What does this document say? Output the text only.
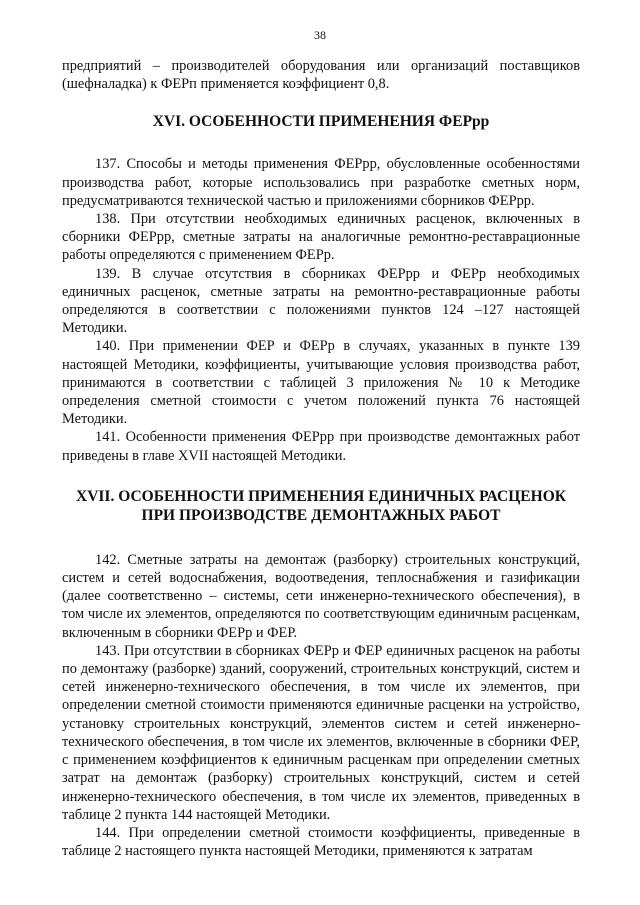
38

предприятий – производителей оборудования или организаций поставщиков (шефналадка) к ФЕРп применяется коэффициент 0,8.

XVI. ОСОБЕННОСТИ ПРИМЕНЕНИЯ ФЕРрр

137. Способы и методы применения ФЕРрр, обусловленные особенностями производства работ, которые использовались при разработке сметных норм, предусматриваются технической частью и приложениями сборников ФЕРрр.

138. При отсутствии необходимых единичных расценок, включенных в сборники ФЕРрр, сметные затраты на аналогичные ремонтно-реставрационные работы определяются с применением ФЕРр.

139. В случае отсутствия в сборниках ФЕРрр и ФЕРр необходимых единичных расценок, сметные затраты на ремонтно-реставрационные работы определяются в соответствии с положениями пунктов 124 –127 настоящей Методики.

140. При применении ФЕР и ФЕРр в случаях, указанных в пункте 139 настоящей Методики, коэффициенты, учитывающие условия производства работ, принимаются в соответствии с таблицей 3 приложения № 10 к Методике определения сметной стоимости с учетом положений пункта 76 настоящей Методики.

141. Особенности применения ФЕРрр при производстве демонтажных работ приведены в главе XVII настоящей Методики.

XVII. ОСОБЕННОСТИ ПРИМЕНЕНИЯ ЕДИНИЧНЫХ РАСЦЕНОК
ПРИ ПРОИЗВОДСТВЕ ДЕМОНТАЖНЫХ РАБОТ

142. Сметные затраты на демонтаж (разборку) строительных конструкций, систем и сетей водоснабжения, водоотведения, теплоснабжения и газификации (далее соответственно – системы, сети инженерно-технического обеспечения), в том числе их элементов, определяются по соответствующим единичным расценкам, включенным в сборники ФЕРр и ФЕР.

143. При отсутствии в сборниках ФЕРр и ФЕР единичных расценок на работы по демонтажу (разборке) зданий, сооружений, строительных конструкций, систем и сетей инженерно-технического обеспечения, в том числе их элементов, при определении сметной стоимости применяются единичные расценки на устройство, установку строительных конструкций, элементов систем и сетей инженерно-технического обеспечения, в том числе их элементов, включенные в сборники ФЕР, с применением коэффициентов к единичным расценкам при определении сметных затрат на демонтаж (разборку) строительных конструкций, систем и сетей инженерно-технического обеспечения, в том числе их элементов, приведенных в таблице 2 пункта 144 настоящей Методики.

144. При определении сметной стоимости коэффициенты, приведенные в таблице 2 настоящего пункта настоящей Методики, применяются к затратам
